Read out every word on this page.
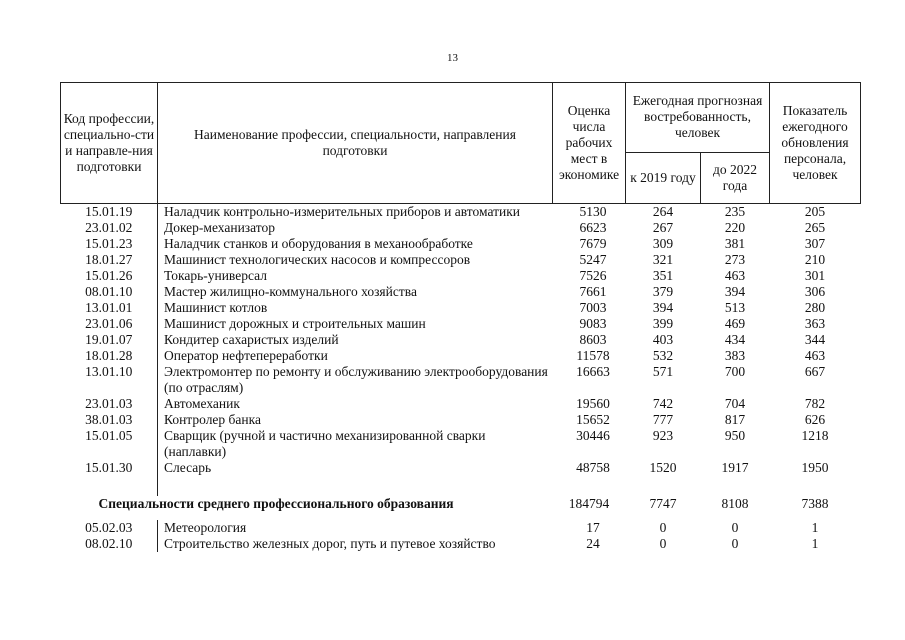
13
Код профессии, специально-сти и направле-ния подготовки	Наименование профессии, специальности, направления подготовки	Оценка числа рабочих мест в экономике	Ежегодная прогнозная востребованность, человек		Показатель ежегодного обновления персонала, человек
			к 2019 году	до 2022 года	
15.01.19	Наладчик контрольно-измерительных приборов и автоматики	5130	264	235	205
23.01.02	Докер-механизатор	6623	267	220	265
15.01.23	Наладчик станков и оборудования в механообработке	7679	309	381	307
18.01.27	Машинист технологических насосов и компрессоров	5247	321	273	210
15.01.26	Токарь-универсал	7526	351	463	301
08.01.10	Мастер жилищно-коммунального хозяйства	7661	379	394	306
13.01.01	Машинист котлов	7003	394	513	280
23.01.06	Машинист дорожных и строительных машин	9083	399	469	363
19.01.07	Кондитер сахаристых изделий	8603	403	434	344
18.01.28	Оператор нефтепереработки	11578	532	383	463
13.01.10	Электромонтер по ремонту и обслуживанию электрооборудования (по отраслям)	16663	571	700	667
23.01.03	Автомеханик	19560	742	704	782
38.01.03	Контролер банка	15652	777	817	626
15.01.05	Сварщик (ручной и частично механизированной сварки (наплавки)	30446	923	950	1218
15.01.30	Слесарь	48758	1520	1917	1950

Специальности среднего профессионального образования		184794	7747	8108	7388

05.02.03	Метеорология	17	0	0	1
08.02.10	Строительство железных дорог, путь и путевое хозяйство	24	0	0	1
